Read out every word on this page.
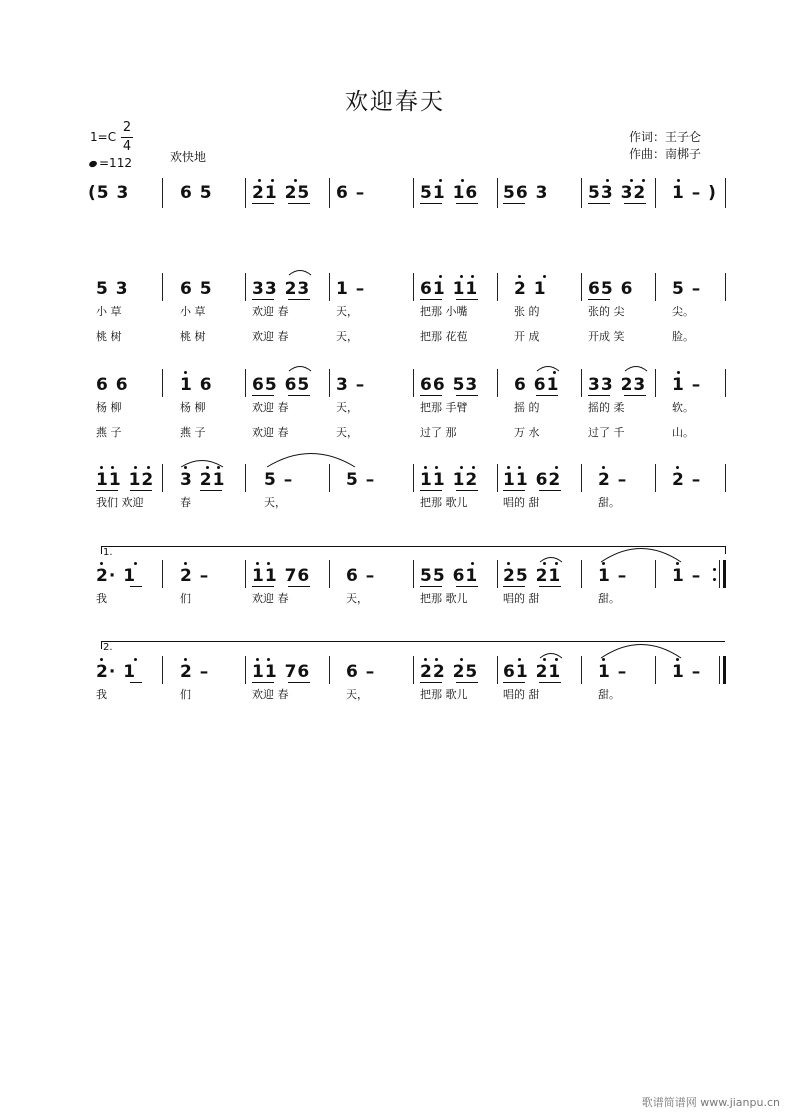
欢迎春天
1=C
2
4
=112	欢快地
作词：王子仑
作曲：南梆子
(5 3	6 5 21 25 6 –	51 16 56 3 53 32 1 – )
5 3	6 5 33 23 1 –	61 11 2 1 65 6 5 –
小 草	小 草	欢迎 春	天，	把那 小嘴	张 的	张的 尖	尖。
桃 树	桃 树	欢迎 春	天，	把那 花苞	开 成	开成 笑	脸。
6 6	1 6 65 65 3 –	66 53 6 61 33 23 1 –
杨 柳	杨 柳	欢迎 春	天，	把那 手臂	摇 的	摇的 柔	软。
燕 子	燕 子	欢迎 春	天，	过了 那	万 水	过了 千	山。
11 12 3 21 5 –	5 –	11 12 11 62 2 –	2 –
我们 欢迎	春	天，	把那 歌儿	唱的 甜	甜。
1.
2· 1	2 –	11 76 6 –	55 61 25 21 1 –	1 –
我	们	欢迎 春	天，	把那 歌儿	唱的 甜	甜。
2.
2· 1	2 –	11 76 6 –	22 25 61 21 1 –	1 –
我	们	欢迎 春	天，	把那 歌儿	唱的 甜	甜。
歌谱简谱网 www.jianpu.cn
